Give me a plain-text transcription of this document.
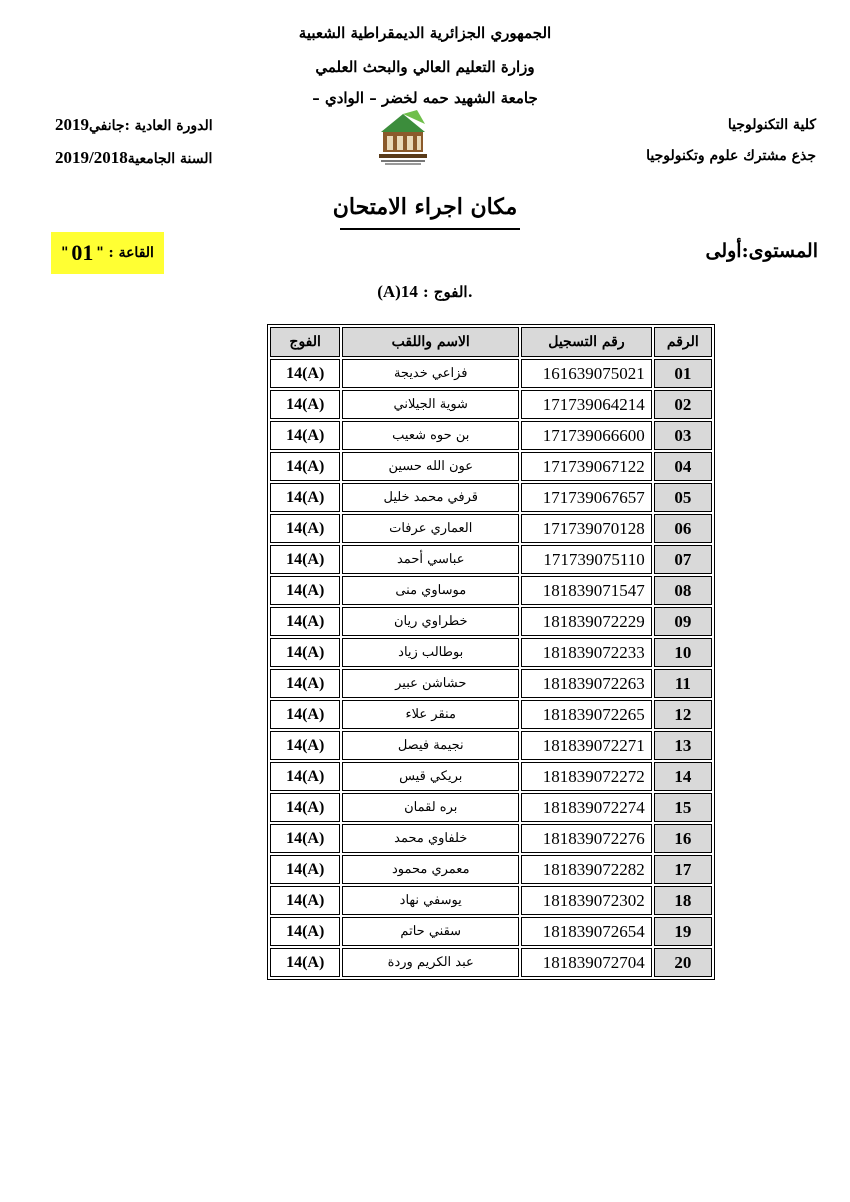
الجمهوري الجزائرية الديمقراطية الشعبية
وزارة التعليم العالي والبحث العلمي
جامعة الشهيد حمه لخضر – الوادي –
كلية التكنولوجيا
جذع مشترك علوم وتكنولوجيا
الدورة العادية :جانفي2019
السنة الجامعية2019/2018
مكان اجراء الامتحان
المستوى:أولى
القاعة : "
01
"
.الفوج : 14(A)
الرقم	رقم التسجيل	الاسم واللقب	الفوج
01	161639075021	فزاعي خديجة	14(A)
02	171739064214	شوية الجيلاني	14(A)
03	171739066600	بن حوه شعيب	14(A)
04	171739067122	عون الله حسين	14(A)
05	171739067657	قرفي محمد خليل	14(A)
06	171739070128	العماري عرفات	14(A)
07	171739075110	عباسي أحمد	14(A)
08	181839071547	موساوي منى	14(A)
09	181839072229	خطراوي ريان	14(A)
10	181839072233	بوطالب زياد	14(A)
11	181839072263	حشاشن عبير	14(A)
12	181839072265	منقر علاء	14(A)
13	181839072271	نجيمة فيصل	14(A)
14	181839072272	بريكي قيس	14(A)
15	181839072274	بره لقمان	14(A)
16	181839072276	خلفاوي محمد	14(A)
17	181839072282	معمري محمود	14(A)
18	181839072302	يوسفي نهاد	14(A)
19	181839072654	سقني حاتم	14(A)
20	181839072704	عبد الكريم وردة	14(A)
